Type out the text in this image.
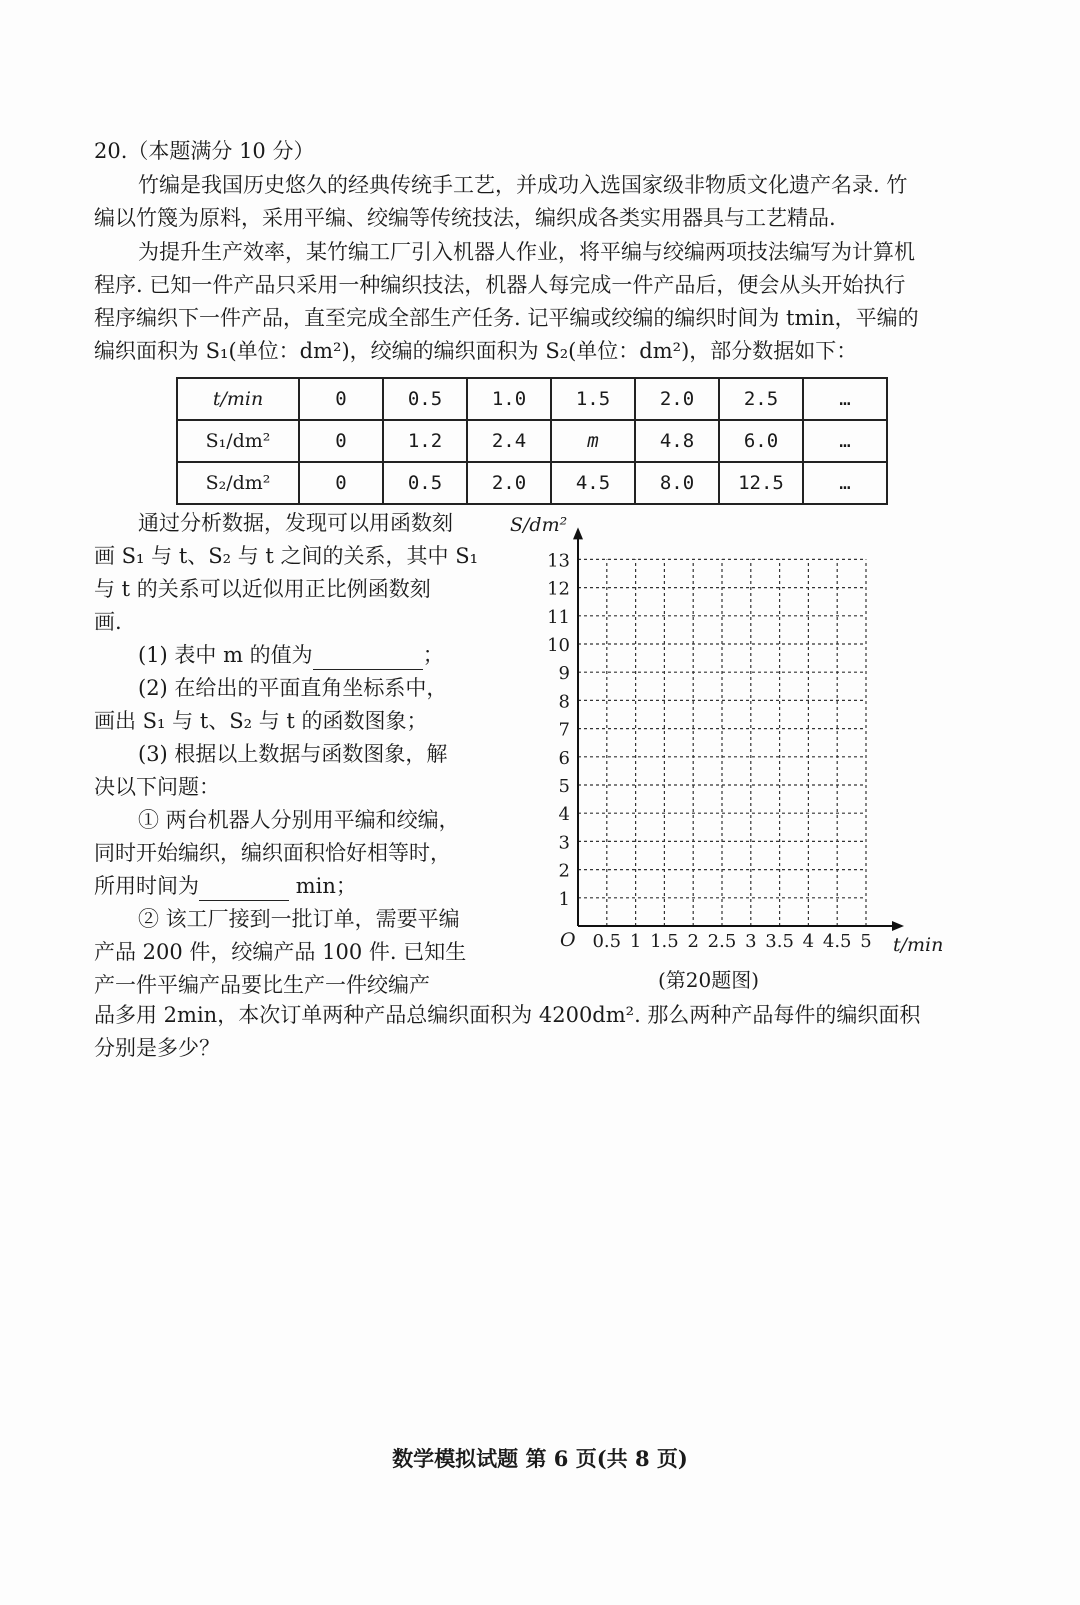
20.（本题满分 10 分）
竹编是我国历史悠久的经典传统手工艺，并成功入选国家级非物质文化遗产名录. 竹
编以竹篾为原料，采用平编、绞编等传统技法，编织成各类实用器具与工艺精品.
为提升生产效率，某竹编工厂引入机器人作业，将平编与绞编两项技法编写为计算机
程序. 已知一件产品只采用一种编织技法，机器人每完成一件产品后，便会从头开始执行
程序编织下一件产品，直至完成全部生产任务. 记平编或绞编的编织时间为 tmin，平编的
编织面积为 S₁(单位：dm²)，绞编的编织面积为 S₂(单位：dm²)，部分数据如下：
t/min	0	0.5	1.0	1.5	2.0	2.5	…
S₁/dm²	0	1.2	2.4	m	4.8	6.0	…
S₂/dm²	0	0.5	2.0	4.5	8.0	12.5	…
通过分析数据，发现可以用函数刻
画 S₁ 与 t、S₂ 与 t 之间的关系，其中 S₁
与 t 的关系可以近似用正比例函数刻
画.
(1) 表中 m 的值为	；
(2) 在给出的平面直角坐标系中，
画出 S₁ 与 t、S₂ 与 t 的函数图象；
(3) 根据以上数据与函数图象，解
决以下问题：
① 两台机器人分别用平编和绞编，
同时开始编织，编织面积恰好相等时，
所用时间为	min；
② 该工厂接到一批订单，需要平编
产品 200 件，绞编产品 100 件. 已知生
产一件平编产品要比生产一件绞编产
0.5 1 1.5 2 2.5 3 3.5 4 4.5 5
1
2
3
4
5
6
7
8
9
10
11
12
13
S/dm²
t/min
O
(第20题图)
品多用 2min，本次订单两种产品总编织面积为 4200dm². 那么两种产品每件的编织面积
分别是多少？
数学模拟试题 第 6 页(共 8 页)
